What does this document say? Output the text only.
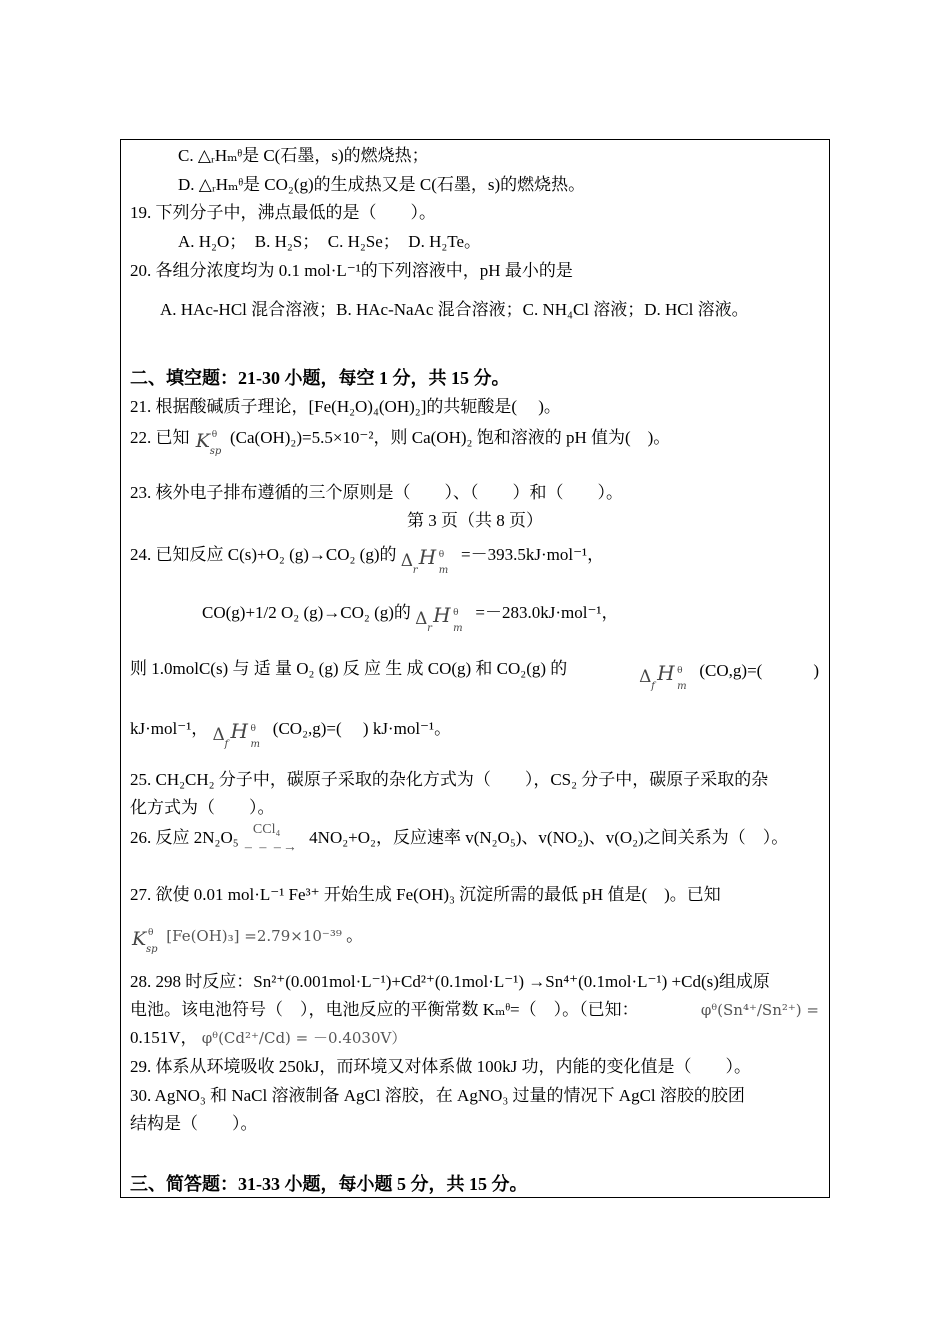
C. △ᵣHₘᶿ是 C(石墨，s)的燃烧热；
D. △ᵣHₘᶿ是 CO₂(g)的生成热又是 C(石墨，s)的燃烧热。
19. 下列分子中，沸点最低的是（　　）。
A. H₂O；　B. H₂S；　C. H₂Se；　D. H₂Te。
20. 各组分浓度均为 0.1 mol·L⁻¹的下列溶液中，pH 最小的是
A. HAc-HCl 混合溶液；B. HAc-NaAc 混合溶液；C. NH₄Cl 溶液；D. HCl 溶液。
二、填空题：21-30 小题，每空 1 分，共 15 分。
21. 根据酸碱质子理论，[Fe(H₂O)₄(OH)₂]的共轭酸是(　 )。
22. 已知 K θ
sp
(Ca(OH)₂)=5.5×10⁻²，则 Ca(OH)₂ 饱和溶液的 pH 值为(　)。
23. 核外电子排布遵循的三个原则是（　　）、（　　）和（　　）。
第 3 页（共 8 页）
24. 已知反应 C(s)+O₂ (g)→CO₂ (g)的 Δ r
H θ
m
=－393.5kJ·mol⁻¹，
CO(g)+1/2 O₂ (g)→CO₂ (g)的 Δ r
H θ
m
=－283.0kJ·mol⁻¹，
则 1.0molC(s) 与 适 量 O₂ (g) 反 应 生 成 CO(g) 和 CO₂(g) 的	Δ f
H θ
m
(CO,g)=(　　　)
kJ·mol⁻¹， Δ f
H θ
m
(CO₂,g)=(　 ) kJ·mol⁻¹。
25. CH₂CH₂ 分子中，碳原子采取的杂化方式为（　　），CS₂ 分子中，碳原子采取的杂
化方式为（　　）。
26. 反应 2N₂O₅ CCl₄
– – –→
4NO₂+O₂，反应速率 v(N₂O₅)、v(NO₂)、v(O₂)之间关系为（　）。
27. 欲使 0.01 mol·L⁻¹ Fe³⁺ 开始生成 Fe(OH)₃ 沉淀所需的最低 pH 值是(　)。已知
K θ
sp
[Fe(OH)₃] =2.79×10⁻³⁹ 。
28. 298 时反应：Sn²⁺(0.001mol·L⁻¹)+Cd²⁺(0.1mol·L⁻¹) →Sn⁴⁺(0.1mol·L⁻¹) +Cd(s)组成原
电池。该电池符号（　），电池反应的平衡常数 Kₘᶿ=（　）。（已知：	φᶿ(Sn⁴⁺/Sn²⁺) =
0.151V， φᶿ(Cd²⁺/Cd) = －0.4030V）
29. 体系从环境吸收 250kJ，而环境又对体系做 100kJ 功，内能的变化值是（　　）。
30. AgNO₃ 和 NaCl 溶液制备 AgCl 溶胶，在 AgNO₃ 过量的情况下 AgCl 溶胶的胶团
结构是（　　）。
三、简答题：31-33 小题，每小题 5 分，共 15 分。
